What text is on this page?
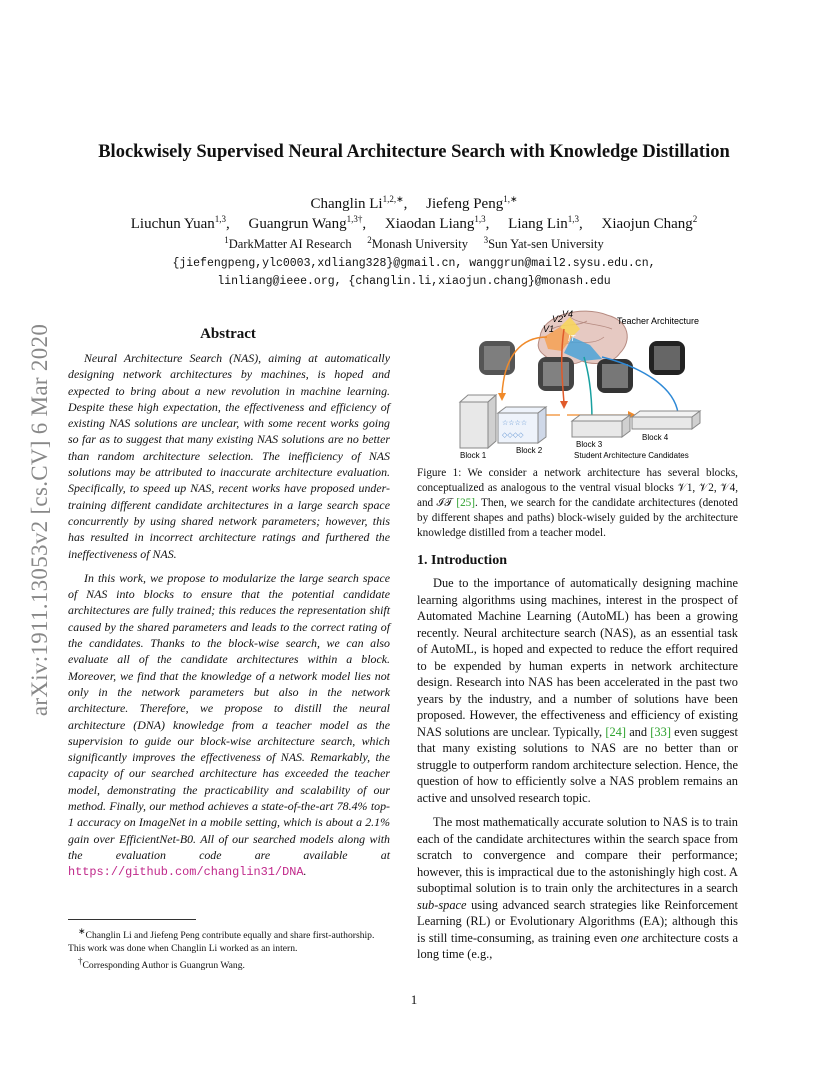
arXiv:1911.13053v2 [cs.CV] 6 Mar 2020
Blockwisely Supervised Neural Architecture Search with Knowledge Distillation
Changlin $Li^{1,2,∗}$,     Jiefeng Peng$^{1,∗}$
Liuchun Yuan$^{1,3}$,     Guangrun Wang$^{1,3\dagger}$,     Xiaodan Liang$^{1,3}$,     Liang Lin$^{1,3}$,     Xiaojun Chang$^2$
$^1$DarkMatter AI Research $^2$Monash University $^3$Sun Yat-sen University
{jiefengpeng,ylc0003,xdliang328}@gmail.cn, wanggrun@mail2.sysu.edu.cn,
linliang@ieee.org, {changlin.li,xiaojun.chang}@monash.edu
Abstract

Neural Architecture Search (NAS), aiming at automatically designing network architectures by machines, is hoped and expected to bring about a new revolution in machine learning. Despite these high expectation, the effectiveness and efficiency of existing NAS solutions are unclear, with some recent works going so far as to suggest that many existing NAS solutions are no better than random architecture selection. The inefficiency of NAS solutions may be attributed to inaccurate architecture evaluation. Specifically, to speed up NAS, recent works have proposed under-training different candidate architectures in a large search space concurrently by using shared network parameters; however, this has resulted in incorrect architecture ratings and furthered the ineffectiveness of NAS.

In this work, we propose to modularize the large search space of NAS into blocks to ensure that the potential candidate architectures are fully trained; this reduces the representation shift caused by the shared parameters and leads to the correct rating of the candidates. Thanks to the block-wise search, we can also evaluate all of the candidate architectures within a block. Moreover, we find that the knowledge of a network model lies not only in the network parameters but also in the network architecture. Therefore, we propose to distill the neural architecture (DNA) knowledge from a teacher model as the supervision to guide our block-wise architecture search, which significantly improves the effectiveness of NAS. Remarkably, the capacity of our searched architecture has exceeded the teacher model, demonstrating the practicability and scalability of our method. Finally, our method achieves a state-of-the-art 78.4% top-1 accuracy on ImageNet in a mobile setting, which is about a 2.1% gain over EfficientNet-B0. All of our searched models along with the evaluation code are available at https://github.com/changlin31/DNA.

V1
V2
V4
IT
Teacher Architecture
☆☆☆☆
◇◇◇◇
Block 1
Block 2
Block 3
Block 4
Student Architecture Candidates
Figure 1: We consider a network architecture has several blocks, conceptualized as analogous to the ventral visual blocks 𝒱1, 𝒱2, 𝒱4, and ℐ𝒯 [25]. Then, we search for the candidate architectures (denoted by different shapes and paths) block-wisely guided by the architecture knowledge distilled from a teacher model.
1. Introduction

Due to the importance of automatically designing machine learning algorithms using machines, interest in the prospect of Automated Machine Learning (AutoML) has been a growing recently. Neural architecture search (NAS), as an essential task of AutoML, is hoped and expected to reduce the effort required to be expended by human experts in network architecture design. Research into NAS has been accelerated in the past two years by the industry, and a number of solutions have been proposed. However, the effectiveness and efficiency of existing NAS solutions are unclear. Typically, [24] and [33] even suggest that many existing solutions to NAS are no better than or struggle to outperform random architecture selection. Hence, the question of how to efficiently solve a NAS problem remains an active and unsolved research topic.

The most mathematically accurate solution to NAS is to train each of the candidate architectures within the search space from scratch to convergence and compare their performance; however, this is impractical due to the astonishingly high cost. A suboptimal solution is to train only the architectures in a search sub-space using advanced search strategies like Reinforcement Learning (RL) or Evolutionary Algorithms (EA); although this is still time-consuming, as training even one architecture costs a long time (e.g.,

∗Changlin Li and Jiefeng Peng contribute equally and share first-authorship. This work was done when Changlin Li worked as an intern.
†Corresponding Author is Guangrun Wang.
1
